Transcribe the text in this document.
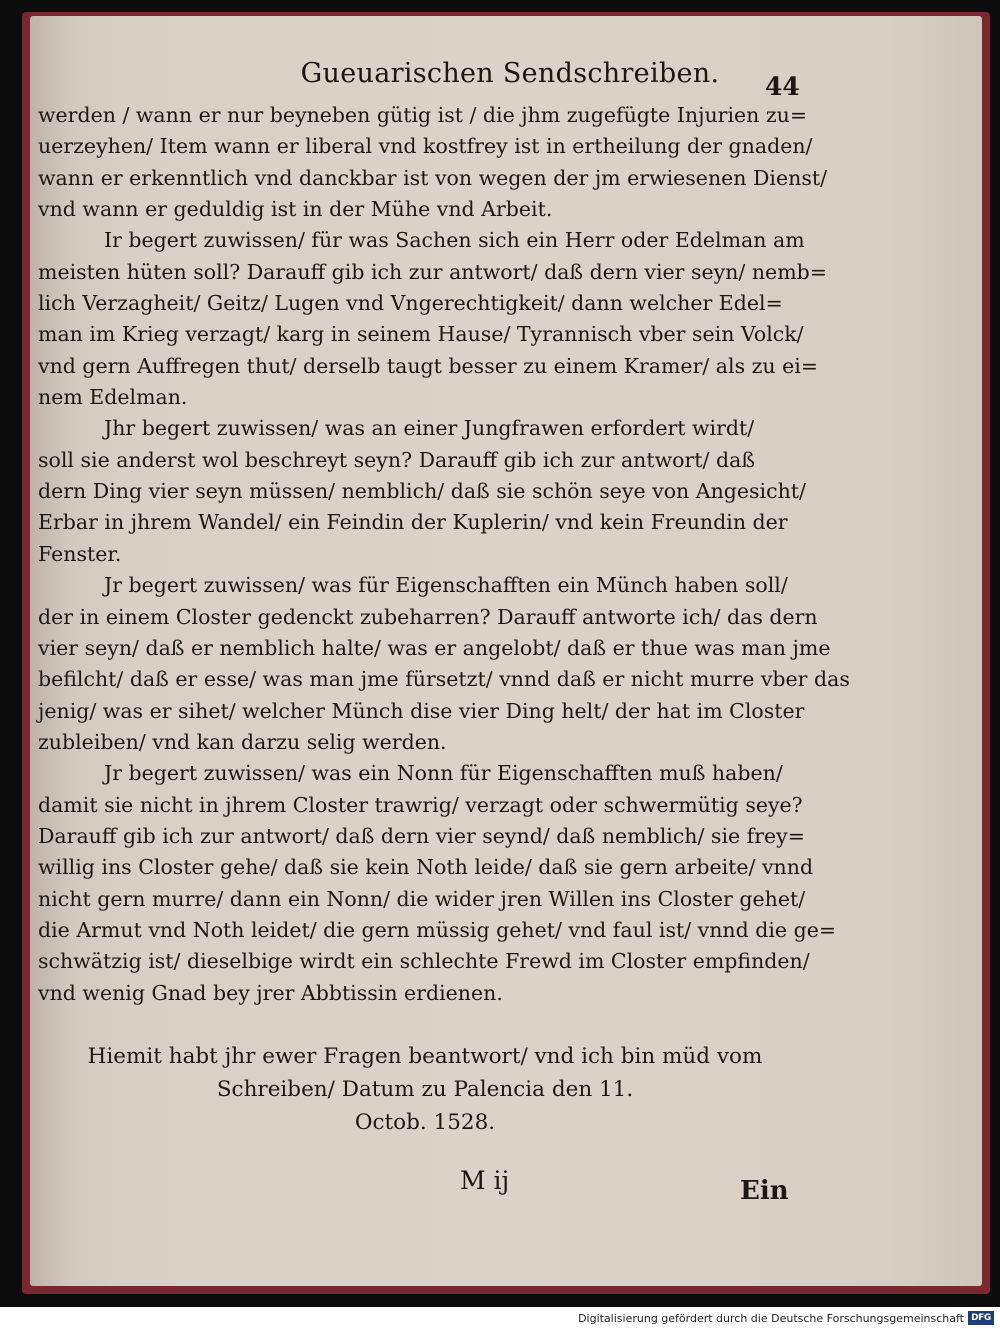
Gueuarischen Sendschreiben.	44
werden / wann er nur beyneben gütig ist / die jhm zugefügte Injurien zu=
uerzeyhen/ Item wann er liberal vnd kostfrey ist in ertheilung der gnaden/
wann er erkenntlich vnd danckbar ist von wegen der jm erwiesenen Dienst/
vnd wann er geduldig ist in der Mühe vnd Arbeit.
Ir begert zuwissen/ für was Sachen sich ein Herr oder Edelman am
meisten hüten soll? Darauff gib ich zur antwort/ daß dern vier seyn/ nemb=
lich Verzagheit/ Geitz/ Lugen vnd Vngerechtigkeit/ dann welcher Edel=
man im Krieg verzagt/ karg in seinem Hause/ Tyrannisch vber sein Volck/
vnd gern Auffregen thut/ derselb taugt besser zu einem Kramer/ als zu ei=
nem Edelman.
Jhr begert zuwissen/ was an einer Jungfrawen erfordert wirdt/
soll sie anderst wol beschreyt seyn? Darauff gib ich zur antwort/ daß
dern Ding vier seyn müssen/ nemblich/ daß sie schön seye von Angesicht/
Erbar in jhrem Wandel/ ein Feindin der Kuplerin/ vnd kein Freundin der
Fenster.
Jr begert zuwissen/ was für Eigenschafften ein Münch haben soll/
der in einem Closter gedenckt zubeharren? Darauff antworte ich/ das dern
vier seyn/ daß er nemblich halte/ was er angelobt/ daß er thue was man jme
befilcht/ daß er esse/ was man jme fürsetzt/ vnnd daß er nicht murre vber das
jenig/ was er sihet/ welcher Münch dise vier Ding helt/ der hat im Closter
zubleiben/ vnd kan darzu selig werden.
Jr begert zuwissen/ was ein Nonn für Eigenschafften muß haben/
damit sie nicht in jhrem Closter trawrig/ verzagt oder schwermütig seye?
Darauff gib ich zur antwort/ daß dern vier seynd/ daß nemblich/ sie frey=
willig ins Closter gehe/ daß sie kein Noth leide/ daß sie gern arbeite/ vnnd
nicht gern murre/ dann ein Nonn/ die wider jren Willen ins Closter gehet/
die Armut vnd Noth leidet/ die gern müssig gehet/ vnd faul ist/ vnnd die ge=
schwätzig ist/ dieselbige wirdt ein schlechte Frewd im Closter empfinden/
vnd wenig Gnad bey jrer Abbtissin erdienen.
Hiemit habt jhr ewer Fragen beantwort/ vnd ich bin müd vom
Schreiben/ Datum zu Palencia den 11.
Octob. 1528.
M ij	Ein
Digitalisierung gefördert durch die Deutsche Forschungsgemeinschaft DFG
